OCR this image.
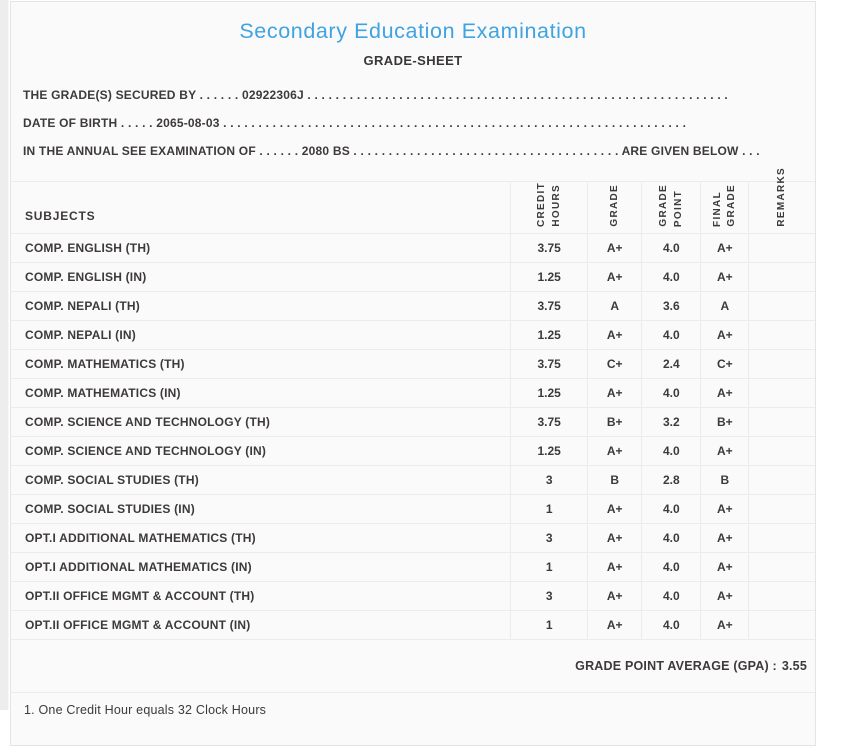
Secondary Education Examination
GRADE-SHEET
THE GRADE(S) SECURED BY . . . . . . 02922306J . . . . . . . . . . . . . . . . . . . . . . . . . . . . . . . . . . . . . . . . . . . . . . . . . . . . . . . . . . . .
DATE OF BIRTH . . . . . 2065-08-03 . . . . . . . . . . . . . . . . . . . . . . . . . . . . . . . . . . . . . . . . . . . . . . . . . . . . . . . . . . . . . . . . . .
IN THE ANNUAL SEE EXAMINATION OF . . . . . . 2080 BS . . . . . . . . . . . . . . . . . . . . . . . . . . . . . . . . . . . . . . ARE GIVEN BELOW . . .
SUBJECTS	CREDIT HOURS	GRADE	GRADE POINT	FINAL GRADE	REMARKS

COMP. ENGLISH (TH)	3.75	A+	4.0	A+	
COMP. ENGLISH (IN)	1.25	A+	4.0	A+	
COMP. NEPALI (TH)	3.75	A	3.6	A	
COMP. NEPALI (IN)	1.25	A+	4.0	A+	
COMP. MATHEMATICS (TH)	3.75	C+	2.4	C+	
COMP. MATHEMATICS (IN)	1.25	A+	4.0	A+	
COMP. SCIENCE AND TECHNOLOGY (TH)	3.75	B+	3.2	B+	
COMP. SCIENCE AND TECHNOLOGY (IN)	1.25	A+	4.0	A+	
COMP. SOCIAL STUDIES (TH)	3	B	2.8	B	
COMP. SOCIAL STUDIES (IN)	1	A+	4.0	A+	
OPT.I ADDITIONAL MATHEMATICS (TH)	3	A+	4.0	A+	
OPT.I ADDITIONAL MATHEMATICS (IN)	1	A+	4.0	A+	
OPT.II OFFICE MGMT & ACCOUNT (TH)	3	A+	4.0	A+	
OPT.II OFFICE MGMT & ACCOUNT (IN)	1	A+	4.0	A+	
GRADE POINT AVERAGE (GPA) : 3.55
1. One Credit Hour equals 32 Clock Hours
